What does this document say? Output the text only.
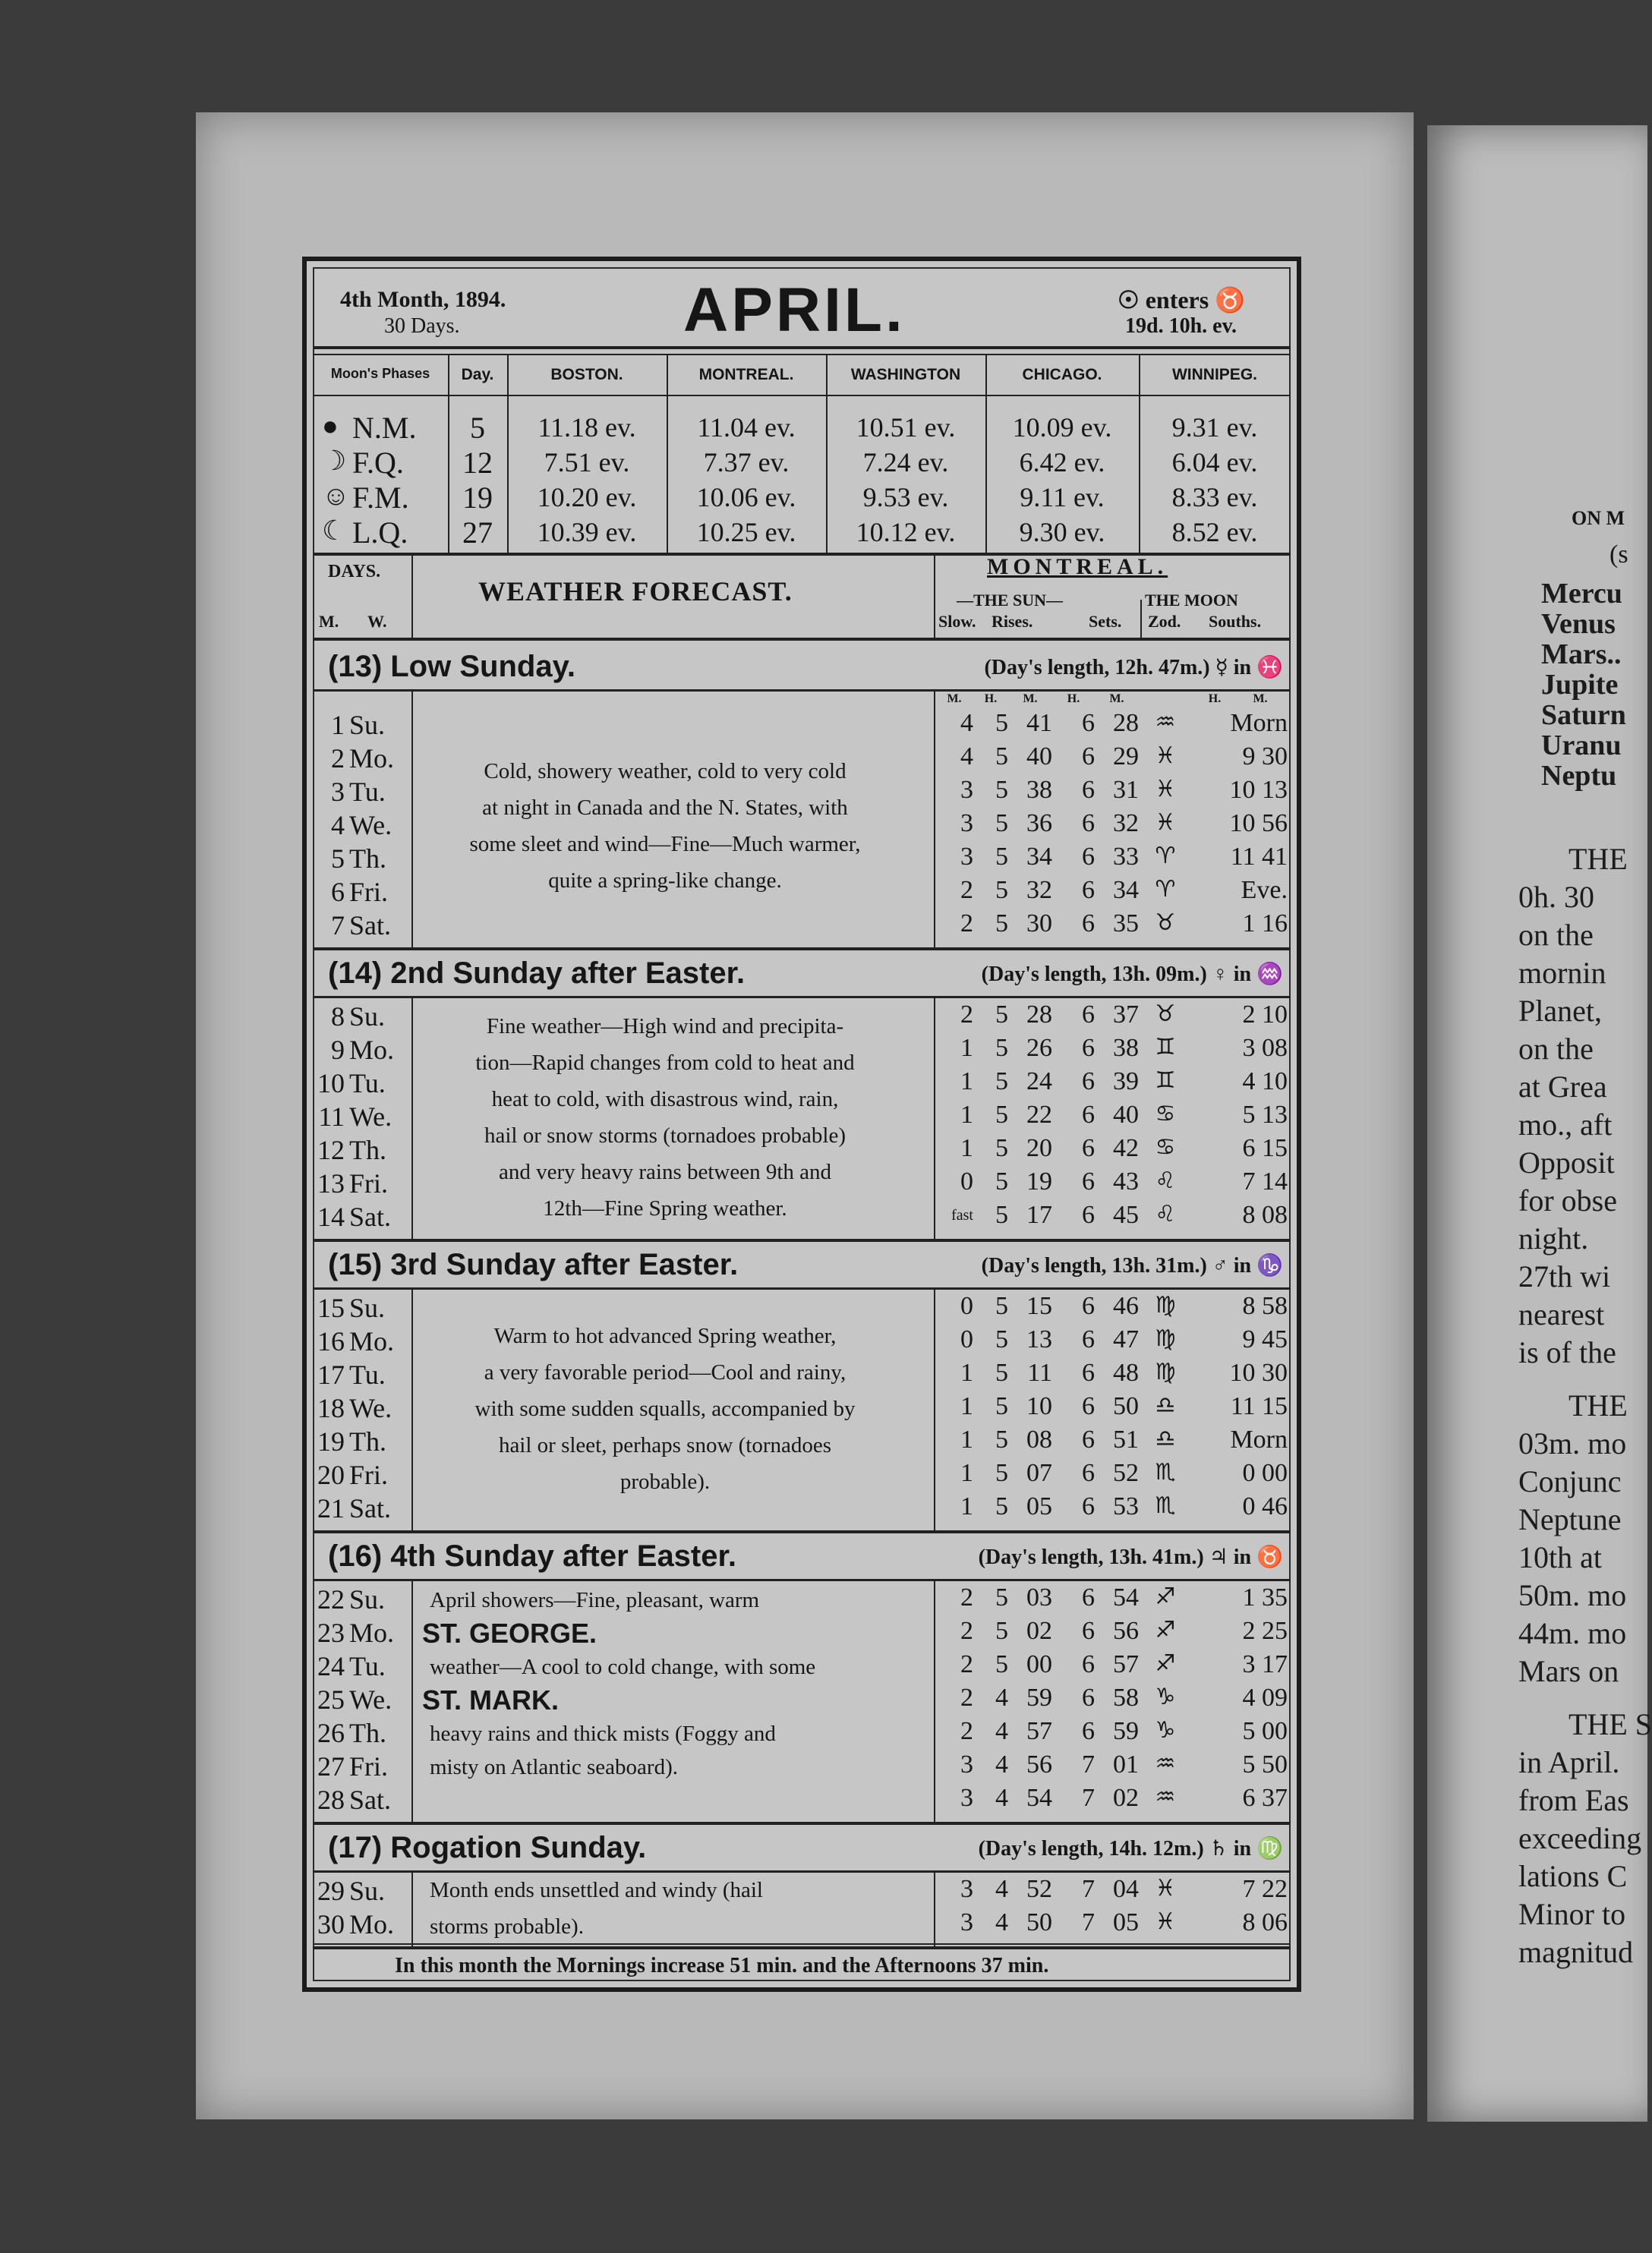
4th Month, 1894.
30 Days.	APRIL.	☉ enters ♉
19d. 10h. ev.
Moon's Phases	Day.	BOSTON.	MONTREAL.	WASHINGTON	CHICAGO.	WINNIPEG.
● N.M.	5	11.18 ev.	11.04 ev.	10.51 ev.	10.09 ev.	9.31 ev.
☽ F.Q.	12	7.51 ev.	7.37 ev.	7.24 ev.	6.42 ev.	6.04 ev.
☺ F.M.	19	10.20 ev.	10.06 ev.	9.53 ev.	9.11 ev.	8.33 ev.
☾ L.Q.	27	10.39 ev.	10.25 ev.	10.12 ev.	9.30 ev.	8.52 ev.
DAYS.
M. W.
WEATHER FORECAST.
MONTREAL.
—THE SUN—	THE MOON
Slow. Rises.	Sets. Zod. Souths.
(13) Low Sunday.	(Day's length, 12h. 47m.) ☿ in ♓
M.	H.	M.	H.	M.	H.	M.
1 Su.	4 5 41	6 28 ♒	Morn
2 Mo.	4 5 40	6 29 ♓	9 30
3 Tu.	3 5 38	6 31 ♓	10 13
4 We.	3 5 36	6 32 ♓	10 56
5 Th.	3 5 34	6 33 ♈	11 41
6 Fri.	2 5 32	6 34 ♈	Eve.
7 Sat.	2 5 30	6 35 ♉	1 16
Cold, showery weather, cold to very cold
at night in Canada and the N. States, with
some sleet and wind—Fine—Much warmer,
quite a spring-like change.
(14) 2nd Sunday after Easter.	(Day's length, 13h. 09m.) ♀ in ♒
8 Su.	2 5 28	6 37 ♉	2 10
9 Mo.	1 5 26	6 38 ♊	3 08
10 Tu.	1 5 24	6 39 ♊	4 10
11 We.	1 5 22	6 40 ♋	5 13
12 Th.	1 5 20	6 42 ♋	6 15
13 Fri.	0 5 19	6 43 ♌	7 14
14 Sat.	fast 5 17	6 45 ♌	8 08
Fine weather—High wind and precipita-
tion—Rapid changes from cold to heat and
heat to cold, with disastrous wind, rain,
hail or snow storms (tornadoes probable)
and very heavy rains between 9th and
12th—Fine Spring weather.
(15) 3rd Sunday after Easter.	(Day's length, 13h. 31m.) ♂ in ♑
15 Su.	0 5 15	6 46 ♍	8 58
16 Mo.	0 5 13	6 47 ♍	9 45
17 Tu.	1 5 11	6 48 ♍	10 30
18 We.	1 5 10	6 50 ♎	11 15
19 Th.	1 5 08	6 51 ♎	Morn
20 Fri.	1 5 07	6 52 ♏	0 00
21 Sat.	1 5 05	6 53 ♏	0 46
Warm to hot advanced Spring weather,
a very favorable period—Cool and rainy,
with some sudden squalls, accompanied by
hail or sleet, perhaps snow (tornadoes
probable).
(16) 4th Sunday after Easter.	(Day's length, 13h. 41m.) ♃ in ♉
22 Su.	2 5 03	6 54 ♐	1 35
23 Mo.	2 5 02	6 56 ♐	2 25
24 Tu.	2 5 00	6 57 ♐	3 17
25 We.	2 4 59	6 58 ♑	4 09
26 Th.	2 4 57	6 59 ♑	5 00
27 Fri.	3 4 56	7 01 ♒	5 50
28 Sat.	3 4 54	7 02 ♒	6 37
April showers—Fine, pleasant, warm
ST. GEORGE.
weather—A cool to cold change, with some
ST. MARK.
heavy rains and thick mists (Foggy and
misty on Atlantic seaboard).
(17) Rogation Sunday.	(Day's length, 14h. 12m.) ♄ in ♍
29 Su.	3 4 52	7 04 ♓	7 22
30 Mo.	3 4 50	7 05 ♓	8 06
Month ends unsettled and windy (hail
storms probable).
In this month the Mornings increase 51 min. and the Afternoons 37 min.
ON M
(s
Mercu
Venus
Mars..
Jupite
Saturn
Uranu
Neptu
THE
0h. 30
on the
mornin
Planet,
on the
at Grea
mo., aft
Opposit
for obse
night.
27th wi
nearest
is of the
THE
03m. mo
Conjunc
Neptune
10th at
50m. mo
44m. mo
Mars on
THE S
in April.
from Eas
exceeding
lations C
Minor to
magnitud
